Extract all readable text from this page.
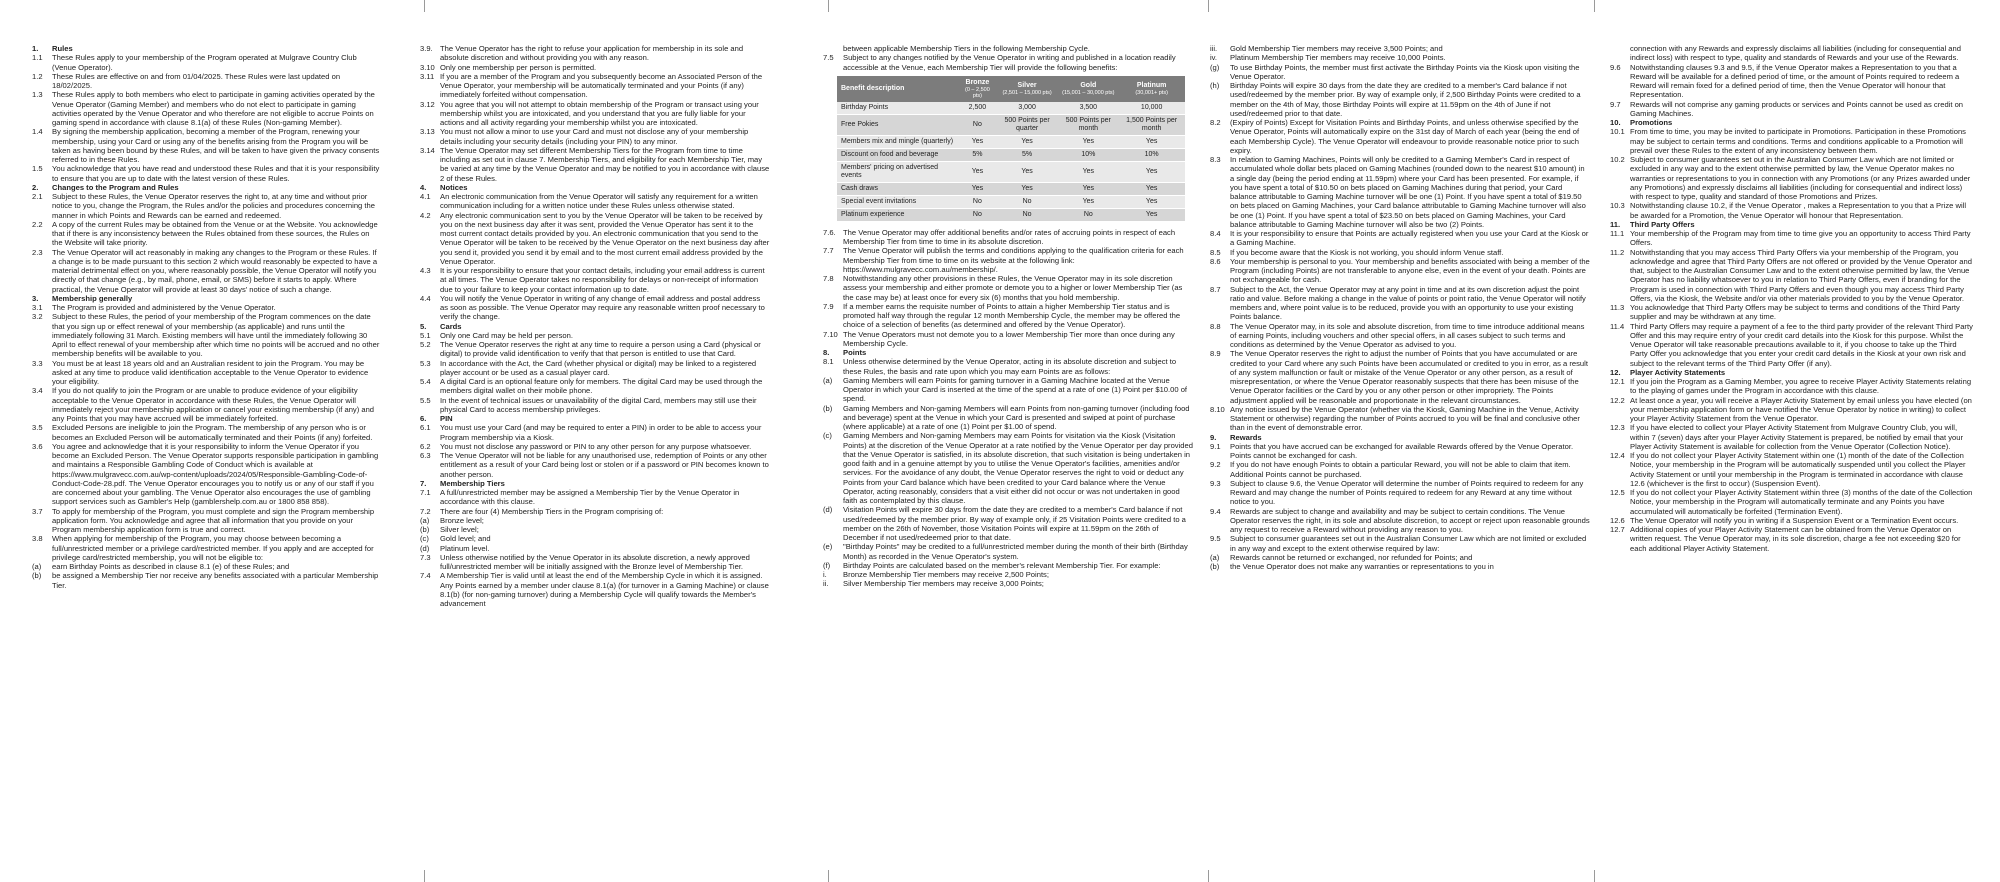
1.	Rules
1.1	These Rules apply to your membership of the Program operated at Mulgrave Country Club (Venue Operator).
1.2	These Rules are effective on and from 01/04/2025. These Rules were last updated on 18/02/2025.
1.3	These Rules apply to both members who elect to participate in gaming activities operated by the Venue Operator (Gaming Member) and members who do not elect to participate in gaming activities operated by the Venue Operator and who therefore are not eligible to accrue Points on gaming spend in accordance with clause 8.1(a) of these Rules (Non-gaming Member).
1.4	By signing the membership application, becoming a member of the Program, renewing your membership, using your Card or using any of the benefits arising from the Program you will be taken as having been bound by these Rules, and will be taken to have given the privacy consents referred to in these Rules.
1.5	You acknowledge that you have read and understood these Rules and that it is your responsibility to ensure that you are up to date with the latest version of these Rules.
2.	Changes to the Program and Rules
2.1	Subject to these Rules, the Venue Operator reserves the right to, at any time and without prior notice to you, change the Program, the Rules and/or the policies and procedures concerning the manner in which Points and Rewards can be earned and redeemed.
2.2	A copy of the current Rules may be obtained from the Venue or at the Website. You acknowledge that if there is any inconsistency between the Rules obtained from these sources, the Rules on the Website will take priority.
2.3	The Venue Operator will act reasonably in making any changes to the Program or these Rules. If a change is to be made pursuant to this section 2 which would reasonably be expected to have a material detrimental effect on you, where reasonably possible, the Venue Operator will notify you directly of that change (e.g., by mail, phone, email, or SMS) before it starts to apply. Where practical, the Venue Operator will provide at least 30 days' notice of such a change.
3.	Membership generally
3.1	The Program is provided and administered by the Venue Operator.
3.2	Subject to these Rules, the period of your membership of the Program commences on the date that you sign up or effect renewal of your membership (as applicable) and runs until the immediately following 31 March. Existing members will have until the immediately following 30 April to effect renewal of your membership after which time no points will be accrued and no other membership benefits will be available to you.
3.3	You must be at least 18 years old and an Australian resident to join the Program. You may be asked at any time to produce valid identification acceptable to the Venue Operator to evidence your eligibility.
3.4	If you do not qualify to join the Program or are unable to produce evidence of your eligibility acceptable to the Venue Operator in accordance with these Rules, the Venue Operator will immediately reject your membership application or cancel your existing membership (if any) and any Points that you may have accrued will be immediately forfeited.
3.5	Excluded Persons are ineligible to join the Program. The membership of any person who is or becomes an Excluded Person will be automatically terminated and their Points (if any) forfeited.
3.6	You agree and acknowledge that it is your responsibility to inform the Venue Operator if you become an Excluded Person. The Venue Operator supports responsible participation in gambling and maintains a Responsible Gambling Code of Conduct which is available at https://www.mulgravecc.com.au/wp-content/uploads/2024/05/Responsible-Gambling-Code-of-Conduct-Code-28.pdf. The Venue Operator encourages you to notify us or any of our staff if you are concerned about your gambling. The Venue Operator also encourages the use of gambling support services such as Gambler's Help (gamblershelp.com.au or 1800 858 858).
3.7	To apply for membership of the Program, you must complete and sign the Program membership application form. You acknowledge and agree that all information that you provide on your Program membership application form is true and correct.
3.8	When applying for membership of the Program, you may choose between becoming a full/unrestricted member or a privilege card/restricted member. If you apply and are accepted for privilege card/restricted membership, you will not be eligible to:
(a)	earn Birthday Points as described in clause 8.1 (e) of these Rules; and
(b)	be assigned a Membership Tier nor receive any benefits associated with a particular Membership Tier.
3.9. The Venue Operator has the right to refuse your application for membership in its sole and absolute discretion and without providing you with any reason.
3.10 Only one membership per person is permitted.
3.11 If you are a member of the Program and you subsequently become an Associated Person of the Venue Operator, your membership will be automatically terminated and your Points (if any) immediately forfeited without compensation.
3.12 You agree that you will not attempt to obtain membership of the Program or transact using your membership whilst you are intoxicated, and you understand that you are fully liable for your actions and all activity regarding your membership whilst you are intoxicated.
3.13 You must not allow a minor to use your Card and must not disclose any of your membership details including your security details (including your PIN) to any minor.
3.14 The Venue Operator may set different Membership Tiers for the Program from time to time including as set out in clause 7. Membership Tiers, and eligibility for each Membership Tier, may be varied at any time by the Venue Operator and may be notified to you in accordance with clause 2 of these Rules.
4.	Notices
4.1	An electronic communication from the Venue Operator will satisfy any requirement for a written communication including for a written notice under these Rules unless otherwise stated.
4.2	Any electronic communication sent to you by the Venue Operator will be taken to be received by you on the next business day after it was sent, provided the Venue Operator has sent it to the most current contact details provided by you. An electronic communication that you send to the Venue Operator will be taken to be received by the Venue Operator on the next business day after you send it, provided you send it by email and to the most current email address provided by the Venue Operator.
4.3	It is your responsibility to ensure that your contact details, including your email address is current at all times. The Venue Operator takes no responsibility for delays or non-receipt of information due to your failure to keep your contact information up to date.
4.4	You will notify the Venue Operator in writing of any change of email address and postal address as soon as possible. The Venue Operator may require any reasonable written proof necessary to verify the change.
5.	Cards
5.1	Only one Card may be held per person.
5.2	The Venue Operator reserves the right at any time to require a person using a Card (physical or digital) to provide valid identification to verify that that person is entitled to use that Card.
5.3	In accordance with the Act, the Card (whether physical or digital) may be linked to a registered player account or be used as a casual player card.
5.4	A digital Card is an optional feature only for members. The digital Card may be used through the members digital wallet on their mobile phone.
5.5	In the event of technical issues or unavailability of the digital Card, members may still use their physical Card to access membership privileges.
6.	PIN
6.1	You must use your Card (and may be required to enter a PIN) in order to be able to access your Program membership via a Kiosk.
6.2	You must not disclose any password or PIN to any other person for any purpose whatsoever.
6.3	The Venue Operator will not be liable for any unauthorised use, redemption of Points or any other entitlement as a result of your Card being lost or stolen or if a password or PIN becomes known to another person.
7.	Membership Tiers
7.1	A full/unrestricted member may be assigned a Membership Tier by the Venue Operator in accordance with this clause.
7.2	There are four (4) Membership Tiers in the Program comprising of:
(a)	Bronze level;
(b)	Silver level;
(c)	Gold level; and
(d)	Platinum level.
7.3	Unless otherwise notified by the Venue Operator in its absolute discretion, a newly approved full/unrestricted member will be initially assigned with the Bronze level of Membership Tier.
7.4	A Membership Tier is valid until at least the end of the Membership Cycle in which it is assigned. Any Points earned by a member under clause 8.1(a) (for turnover in a Gaming Machine) or clause 8.1(b) (for non-gaming turnover) during a Membership Cycle will qualify towards the Member's advancement
between applicable Membership Tiers in the following Membership Cycle.
7.5	Subject to any changes notified by the Venue Operator in writing and published in a location readily accessible at the Venue, each Membership Tier will provide the following benefits:
Benefit description	Bronze
(0 – 2,500 pts)	Silver
(2,501 – 15,000 pts)	Gold
(15,001 – 30,000 pts)	Platinum
(30,001+ pts)

Birthday Points	2,500	3,000	3,500	10,000
Free Pokies	No	500 Points per quarter	500 Points per month	1,500 Points per month
Members mix and mingle (quarterly)	Yes	Yes	Yes	Yes
Discount on food and beverage	5%	5%	10%	10%
Members' pricing on advertised events	Yes	Yes	Yes	Yes
Cash draws	Yes	Yes	Yes	Yes
Special event invitations	No	No	Yes	Yes
Platinum experience	No	No	No	Yes
7.6. The Venue Operator may offer additional benefits and/or rates of accruing points in respect of each Membership Tier from time to time in its absolute discretion.
7.7	The Venue Operator will publish the terms and conditions applying to the qualification criteria for each Membership Tier from time to time on its website at the following link: https://www.mulgravecc.com.au/membership/.
7.8	Notwithstanding any other provisions in these Rules, the Venue Operator may in its sole discretion assess your membership and either promote or demote you to a higher or lower Membership Tier (as the case may be) at least once for every six (6) months that you hold membership.
7.9	If a member earns the requisite number of Points to attain a higher Membership Tier status and is promoted half way through the regular 12 month Membership Cycle, the member may be offered the choice of a selection of benefits (as determined and offered by the Venue Operator).
7.10 The Venue Operators must not demote you to a lower Membership Tier more than once during any Membership Cycle.
8.	Points
8.1	Unless otherwise determined by the Venue Operator, acting in its absolute discretion and subject to these Rules, the basis and rate upon which you may earn Points are as follows:
(a)	Gaming Members will earn Points for gaming turnover in a Gaming Machine located at the Venue Operator in which your Card is inserted at the time of the spend at a rate of one (1) Point per $10.00 of spend.
(b)	Gaming Members and Non-gaming Members will earn Points from non-gaming turnover (including food and beverage) spent at the Venue in which your Card is presented and swiped at point of purchase (where applicable) at a rate of one (1) Point per $1.00 of spend.
(c)	Gaming Members and Non-gaming Members may earn Points for visitation via the Kiosk (Visitation Points) at the discretion of the Venue Operator at a rate notified by the Venue Operator per day provided that the Venue Operator is satisfied, in its absolute discretion, that such visitation is being undertaken in good faith and in a genuine attempt by you to utilise the Venue Operator's facilities, amenities and/or services. For the avoidance of any doubt, the Venue Operator reserves the right to void or deduct any Points from your Card balance which have been credited to your Card balance where the Venue Operator, acting reasonably, considers that a visit either did not occur or was not undertaken in good faith as contemplated by this clause.
(d)	Visitation Points will expire 30 days from the date they are credited to a member's Card balance if not used/redeemed by the member prior. By way of example only, if 25 Visitation Points were credited to a member on the 26th of November, those Visitation Points will expire at 11.59pm on the 26th of December if not used/redeemed prior to that date.
(e)	"Birthday Points" may be credited to a full/unrestricted member during the month of their birth (Birthday Month) as recorded in the Venue Operator's system.
(f)	Birthday Points are calculated based on the member's relevant Membership Tier. For example:
i.	Bronze Membership Tier members may receive 2,500 Points;
ii.	Silver Membership Tier members may receive 3,000 Points;
iii.	Gold Membership Tier members may receive 3,500 Points; and
iv.	Platinum Membership Tier members may receive 10,000 Points.
(g)	To use Birthday Points, the member must first activate the Birthday Points via the Kiosk upon visiting the Venue Operator.
(h)	Birthday Points will expire 30 days from the date they are credited to a member's Card balance if not used/redeemed by the member prior. By way of example only, if 2,500 Birthday Points were credited to a member on the 4th of May, those Birthday Points will expire at 11.59pm on the 4th of June if not used/redeemed prior to that date.
8.2	(Expiry of Points) Except for Visitation Points and Birthday Points, and unless otherwise specified by the Venue Operator, Points will automatically expire on the 31st day of March of each year (being the end of each Membership Cycle). The Venue Operator will endeavour to provide reasonable notice prior to such expiry.
8.3	In relation to Gaming Machines, Points will only be credited to a Gaming Member's Card in respect of accumulated whole dollar bets placed on Gaming Machines (rounded down to the nearest $10 amount) in a single day (being the period ending at 11.59pm) where your Card has been presented. For example, if you have spent a total of $10.50 on bets placed on Gaming Machines during that period, your Card balance attributable to Gaming Machine turnover will be one (1) Point. If you have spent a total of $19.50 on bets placed on Gaming Machines, your Card balance attributable to Gaming Machine turnover will also be one (1) Point. If you have spent a total of $23.50 on bets placed on Gaming Machines, your Card balance attributable to Gaming Machine turnover will also be two (2) Points.
8.4	It is your responsibility to ensure that Points are actually registered when you use your Card at the Kiosk or a Gaming Machine.
8.5	If you become aware that the Kiosk is not working, you should inform Venue staff.
8.6	Your membership is personal to you. Your membership and benefits associated with being a member of the Program (including Points) are not transferable to anyone else, even in the event of your death. Points are not exchangeable for cash.
8.7	Subject to the Act, the Venue Operator may at any point in time and at its own discretion adjust the point ratio and value. Before making a change in the value of points or point ratio, the Venue Operator will notify members and, where point value is to be reduced, provide you with an opportunity to use your existing Points balance.
8.8	The Venue Operator may, in its sole and absolute discretion, from time to time introduce additional means of earning Points, including vouchers and other special offers, in all cases subject to such terms and conditions as determined by the Venue Operator as advised to you.
8.9	The Venue Operator reserves the right to adjust the number of Points that you have accumulated or are credited to your Card where any such Points have been accumulated or credited to you in error, as a result of any system malfunction or fault or mistake of the Venue Operator or any other person, as a result of misrepresentation, or where the Venue Operator reasonably suspects that there has been misuse of the Venue Operator facilities or the Card by you or any other person or other impropriety. The Points adjustment applied will be reasonable and proportionate in the relevant circumstances.
8.10 Any notice issued by the Venue Operator (whether via the Kiosk, Gaming Machine in the Venue, Activity Statement or otherwise) regarding the number of Points accrued to you will be final and conclusive other than in the event of demonstrable error.
9.	Rewards
9.1	Points that you have accrued can be exchanged for available Rewards offered by the Venue Operator. Points cannot be exchanged for cash.
9.2	If you do not have enough Points to obtain a particular Reward, you will not be able to claim that item. Additional Points cannot be purchased.
9.3	Subject to clause 9.6, the Venue Operator will determine the number of Points required to redeem for any Reward and may change the number of Points required to redeem for any Reward at any time without notice to you.
9.4	Rewards are subject to change and availability and may be subject to certain conditions. The Venue Operator reserves the right, in its sole and absolute discretion, to accept or reject upon reasonable grounds any request to receive a Reward without providing any reason to you.
9.5	Subject to consumer guarantees set out in the Australian Consumer Law which are not limited or excluded in any way and except to the extent otherwise required by law:
(a)	Rewards cannot be returned or exchanged, nor refunded for Points; and
(b)	the Venue Operator does not make any warranties or representations to you in
connection with any Rewards and expressly disclaims all liabilities (including for consequential and indirect loss) with respect to type, quality and standards of Rewards and your use of the Rewards.
9.6	Notwithstanding clauses 9.3 and 9.5, if the Venue Operator makes a Representation to you that a Reward will be available for a defined period of time, or the amount of Points required to redeem a Reward will remain fixed for a defined period of time, then the Venue Operator will honour that Representation.
9.7	Rewards will not comprise any gaming products or services and Points cannot be used as credit on Gaming Machines.
10.	Promotions
10.1 From time to time, you may be invited to participate in Promotions. Participation in these Promotions may be subject to certain terms and conditions. Terms and conditions applicable to a Promotion will prevail over these Rules to the extent of any inconsistency between them.
10.2 Subject to consumer guarantees set out in the Australian Consumer Law which are not limited or excluded in any way and to the extent otherwise permitted by law, the Venue Operator makes no warranties or representations to you in connection with any Promotions (or any Prizes awarded under any Promotions) and expressly disclaims all liabilities (including for consequential and indirect loss) with respect to type, quality and standard of those Promotions and Prizes.
10.3 Notwithstanding clause 10.2, if the Venue Operator , makes a Representation to you that a Prize will be awarded for a Promotion, the Venue Operator will honour that Representation.
11.	Third Party Offers
11.1 Your membership of the Program may from time to time give you an opportunity to access Third Party Offers.
11.2 Notwithstanding that you may access Third Party Offers via your membership of the Program, you acknowledge and agree that Third Party Offers are not offered or provided by the Venue Operator and that, subject to the Australian Consumer Law and to the extent otherwise permitted by law, the Venue Operator has no liability whatsoever to you in relation to Third Party Offers, even if branding for the Program is used in connection with Third Party Offers and even though you may access Third Party Offers, via the Kiosk, the Website and/or via other materials provided to you by the Venue Operator.
11.3 You acknowledge that Third Party Offers may be subject to terms and conditions of the Third Party supplier and may be withdrawn at any time.
11.4 Third Party Offers may require a payment of a fee to the third party provider of the relevant Third Party Offer and this may require entry of your credit card details into the Kiosk for this purpose. Whilst the Venue Operator will take reasonable precautions available to it, if you choose to take up the Third Party Offer you acknowledge that you enter your credit card details in the Kiosk at your own risk and subject to the relevant terms of the Third Party Offer (if any).
12.	Player Activity Statements
12.1 If you join the Program as a Gaming Member, you agree to receive Player Activity Statements relating to the playing of games under the Program in accordance with this clause.
12.2 At least once a year, you will receive a Player Activity Statement by email unless you have elected (on your membership application form or have notified the Venue Operator by notice in writing) to collect your Player Activity Statement from the Venue Operator.
12.3 If you have elected to collect your Player Activity Statement from Mulgrave Country Club, you will, within 7 (seven) days after your Player Activity Statement is prepared, be notified by email that your Player Activity Statement is available for collection from the Venue Operator (Collection Notice).
12.4 If you do not collect your Player Activity Statement within one (1) month of the date of the Collection Notice, your membership in the Program will be automatically suspended until you collect the Player Activity Statement or until your membership in the Program is terminated in accordance with clause 12.6 (whichever is the first to occur) (Suspension Event).
12.5 If you do not collect your Player Activity Statement within three (3) months of the date of the Collection Notice, your membership in the Program will automatically terminate and any Points you have accumulated will automatically be forfeited (Termination Event).
12.6 The Venue Operator will notify you in writing if a Suspension Event or a Termination Event occurs.
12.7 Additional copies of your Player Activity Statement can be obtained from the Venue Operator on written request. The Venue Operator may, in its sole discretion, charge a fee not exceeding $20 for each additional Player Activity Statement.
